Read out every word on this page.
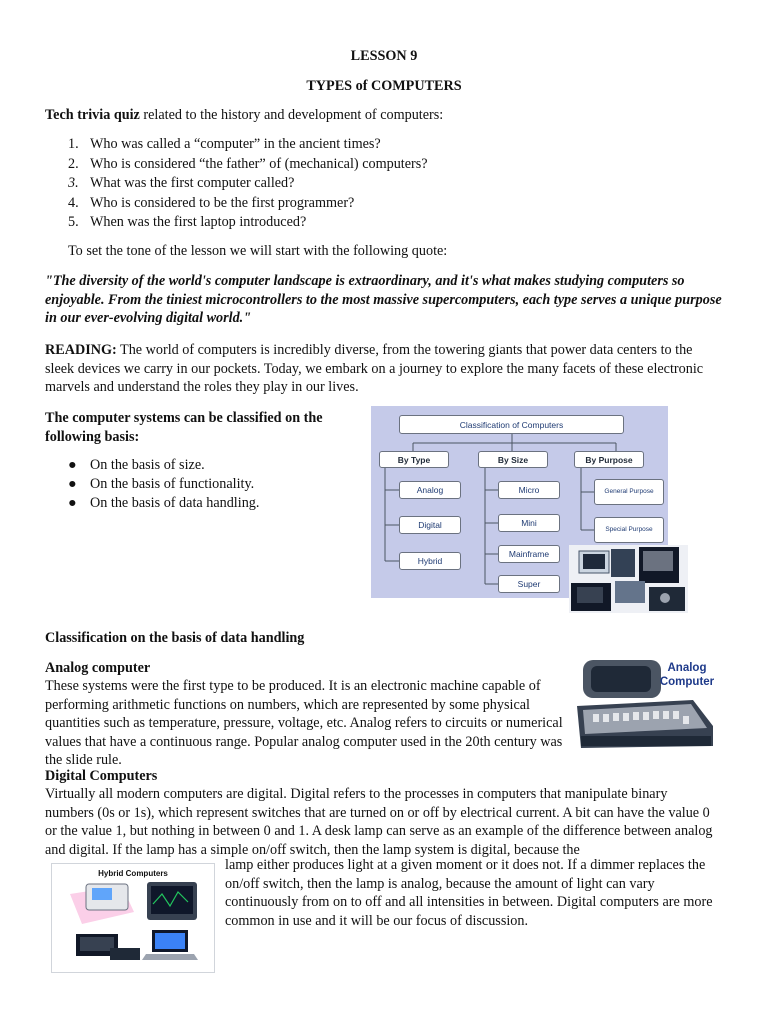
LESSON 9
TYPES of COMPUTERS
Tech trivia quiz related to the history and development of computers:
1. Who was called a “computer” in the ancient times?
2. Who is considered “the father” of (mechanical) computers?
3. What was the first computer called?
4. Who is considered to be the first programmer?
5. When was the first laptop introduced?
To set the tone of the lesson we will start with the following quote:
"The diversity of the world's computer landscape is extraordinary, and it's what makes studying computers so enjoyable. From the tiniest microcontrollers to the most massive supercomputers, each type serves a unique purpose in our ever-evolving digital world."
READING: The world of computers is incredibly diverse, from the towering giants that power data centers to the sleek devices we carry in our pockets. Today, we embark on a journey to explore the many facets of these electronic marvels and understand the roles they play in our lives.
The computer systems can be classified on the following basis:
● On the basis of size.
● On the basis of functionality.
● On the basis of data handling.
Classification of Computers
By Type	By Size	By Purpose
Analog
Digital
Hybrid
Micro
Mini
Mainframe
Super
General Purpose
Special Purpose
Classification on the basis of data handling
Analog computer
These systems were the first type to be produced. It is an electronic machine capable of performing arithmetic functions on numbers, which are represented by some physical quantities such as temperature, pressure, voltage, etc. Analog refers to circuits or numerical values that have a continuous range. Popular analog computer used in the 20th century was the slide rule.
Analog Computer
Digital Computers
Virtually all modern computers are digital. Digital refers to the processes in computers that manipulate binary numbers (0s or 1s), which represent switches that are turned on or off by electrical current. A bit can have the value 0 or the value 1, but nothing in between 0 and 1. A desk lamp can serve as an example of the difference between analog and digital. If the lamp has a simple on/off switch, then the lamp system is digital, because the
lamp either produces light at a given moment or it does not. If a dimmer replaces the on/off switch, then the lamp is analog, because the amount of light can vary continuously from on to off and all intensities in between. Digital computers are more common in use and it will be our focus of discussion.
Hybrid Computers
